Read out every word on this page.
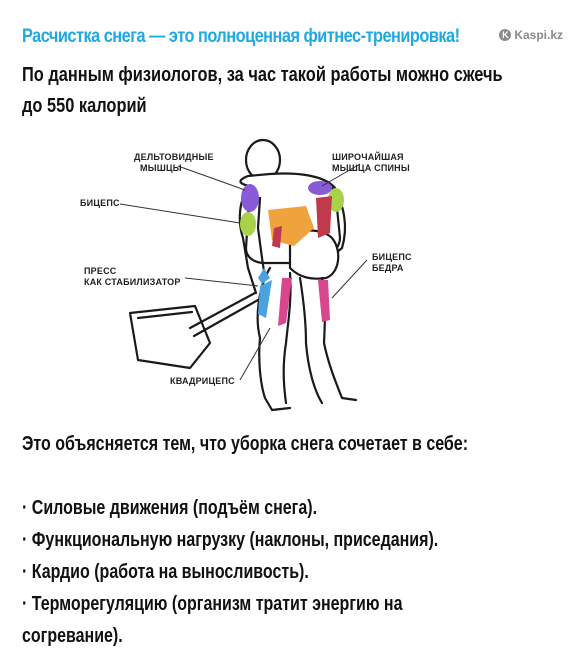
Расчистка снега — это полноценная фитнес-тренировка!	K Kaspi.kz
По данным физиологов, за час такой работы можно сжечь
до 550 калорий
ДЕЛЬТОВИДНЫЕ
МЫШЦЫ
ШИРОЧАЙШАЯ
МЫШЦА СПИНЫ
БИЦЕПС
БИЦЕПС
БЕДРА
ПРЕСС
КАК СТАБИЛИЗАТОР
КВАДРИЦЕПС

Это объясняется тем, что уборка снега сочетает в себе:

· Силовые движения (подъём снега).

· Функциональную нагрузку (наклоны, приседания).

· Кардио (работа на выносливость).

· Терморегуляцию (организм тратит энергию на

согревание).
